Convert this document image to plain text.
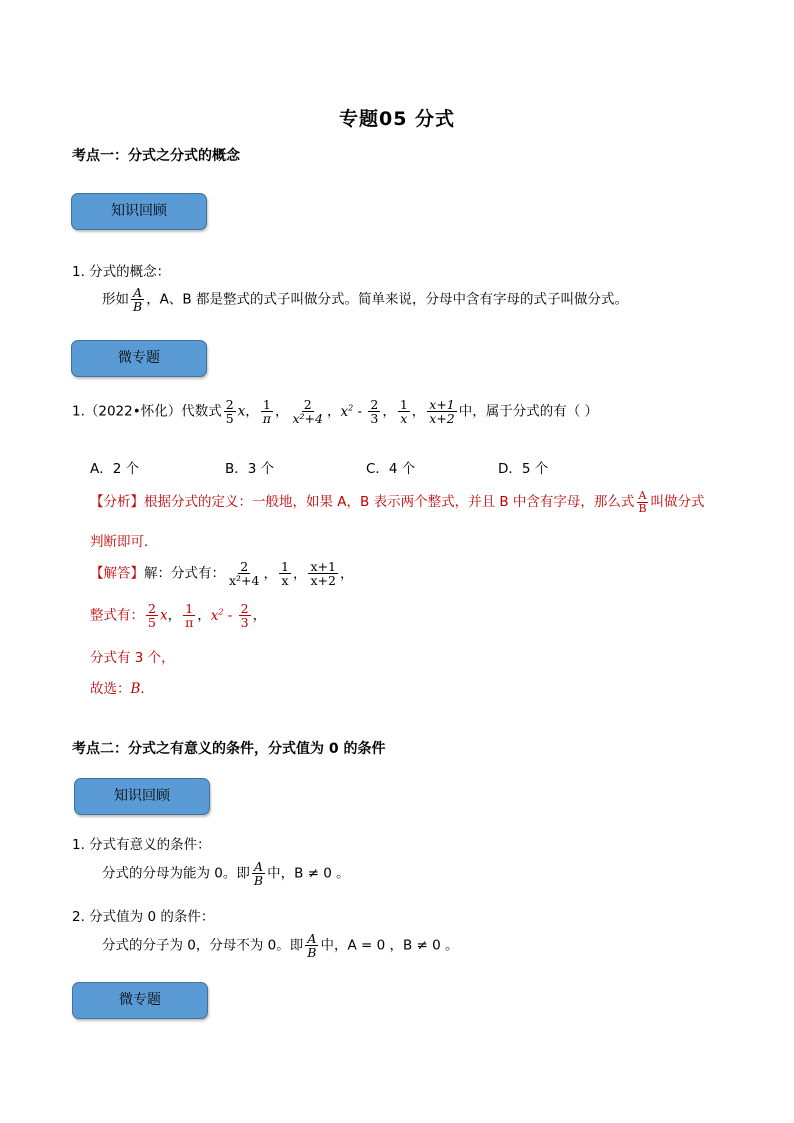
专题05 分式
考点一：分式之分式的概念
知识回顾
1. 分式的概念：
形如 $\frac{A}{B}$ ，A、B 都是整式的式子叫做分式。简单来说，分母中含有字母的式子叫做分式。
微专题
1.（2022•怀化）代数式 $\frac{2}{5}$ x， $\frac{1}{\pi}$ ， $\frac{2}{\text{x²+4}}$ ，$x^2 - \frac{2}{3}$ ， $\frac{1}{x}$ ， $\frac{x+1}{x+2}$ 中，属于分式的有（ ）
A．2 个	B．3 个	C．4 个	D．5 个
【分析】根据分式的定义：一般地，如果 A，B 表示两个整式，并且 B 中含有字母，那么式 $\frac{A}{B}$ 叫做分式
判断即可．
【解答】解：分式有： $\frac{2}{\text{x²+4}}$ ， $\frac{1}{x}$ ， $\frac{x+1}{x+2}$ ，
整式有： $\frac{2}{5}$ x， $\frac{1}{\pi}$ ，$x^2 - \frac{2}{3}$ ，
分式有 3 个，
故选：B．
考点二：分式之有意义的条件，分式值为 0 的条件
知识回顾
1. 分式有意义的条件：
分式的分母为能为 0。即 $\frac{A}{B}$ 中，B ≠ 0 。
2. 分式值为 0 的条件：
分式的分子为 0，分母不为 0。即 $\frac{A}{B}$ 中，A = 0 ，B ≠ 0 。
微专题
